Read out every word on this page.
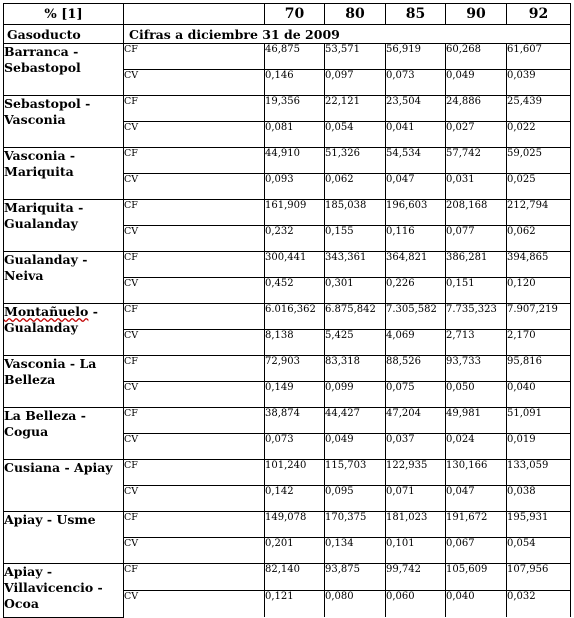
% [1]		70	80	85	90	92
Gasoducto	Cifras a diciembre 31 de 2009					
Barranca -
Sebastopol	CF	46,875	53,571	56,919	60,268	61,607
	CV	0,146	0,097	0,073	0,049	0,039
Sebastopol -
Vasconia	CF	19,356	22,121	23,504	24,886	25,439
	CV	0,081	0,054	0,041	0,027	0,022
Vasconia -
Mariquita	CF	44,910	51,326	54,534	57,742	59,025
	CV	0,093	0,062	0,047	0,031	0,025
Mariquita -
Gualanday	CF	161,909	185,038	196,603	208,168	212,794
	CV	0,232	0,155	0,116	0,077	0,062
Gualanday -
Neiva	CF	300,441	343,361	364,821	386,281	394,865
	CV	0,452	0,301	0,226	0,151	0,120
Montañuelo -
Gualanday	CF	6.016,362	6.875,842	7.305,582	7.735,323	7.907,219
	CV	8,138	5,425	4,069	2,713	2,170
Vasconia - La
Belleza	CF	72,903	83,318	88,526	93,733	95,816
	CV	0,149	0,099	0,075	0,050	0,040
La Belleza -
Cogua	CF	38,874	44,427	47,204	49,981	51,091
	CV	0,073	0,049	0,037	0,024	0,019
Cusiana - Apiay	CF	101,240	115,703	122,935	130,166	133,059
	CV	0,142	0,095	0,071	0,047	0,038
Apiay - Usme	CF	149,078	170,375	181,023	191,672	195,931
	CV	0,201	0,134	0,101	0,067	0,054
Apiay -
Villavicencio -
Ocoa	CF	82,140	93,875	99,742	105,609	107,956
	CV	0,121	0,080	0,060	0,040	0,032
